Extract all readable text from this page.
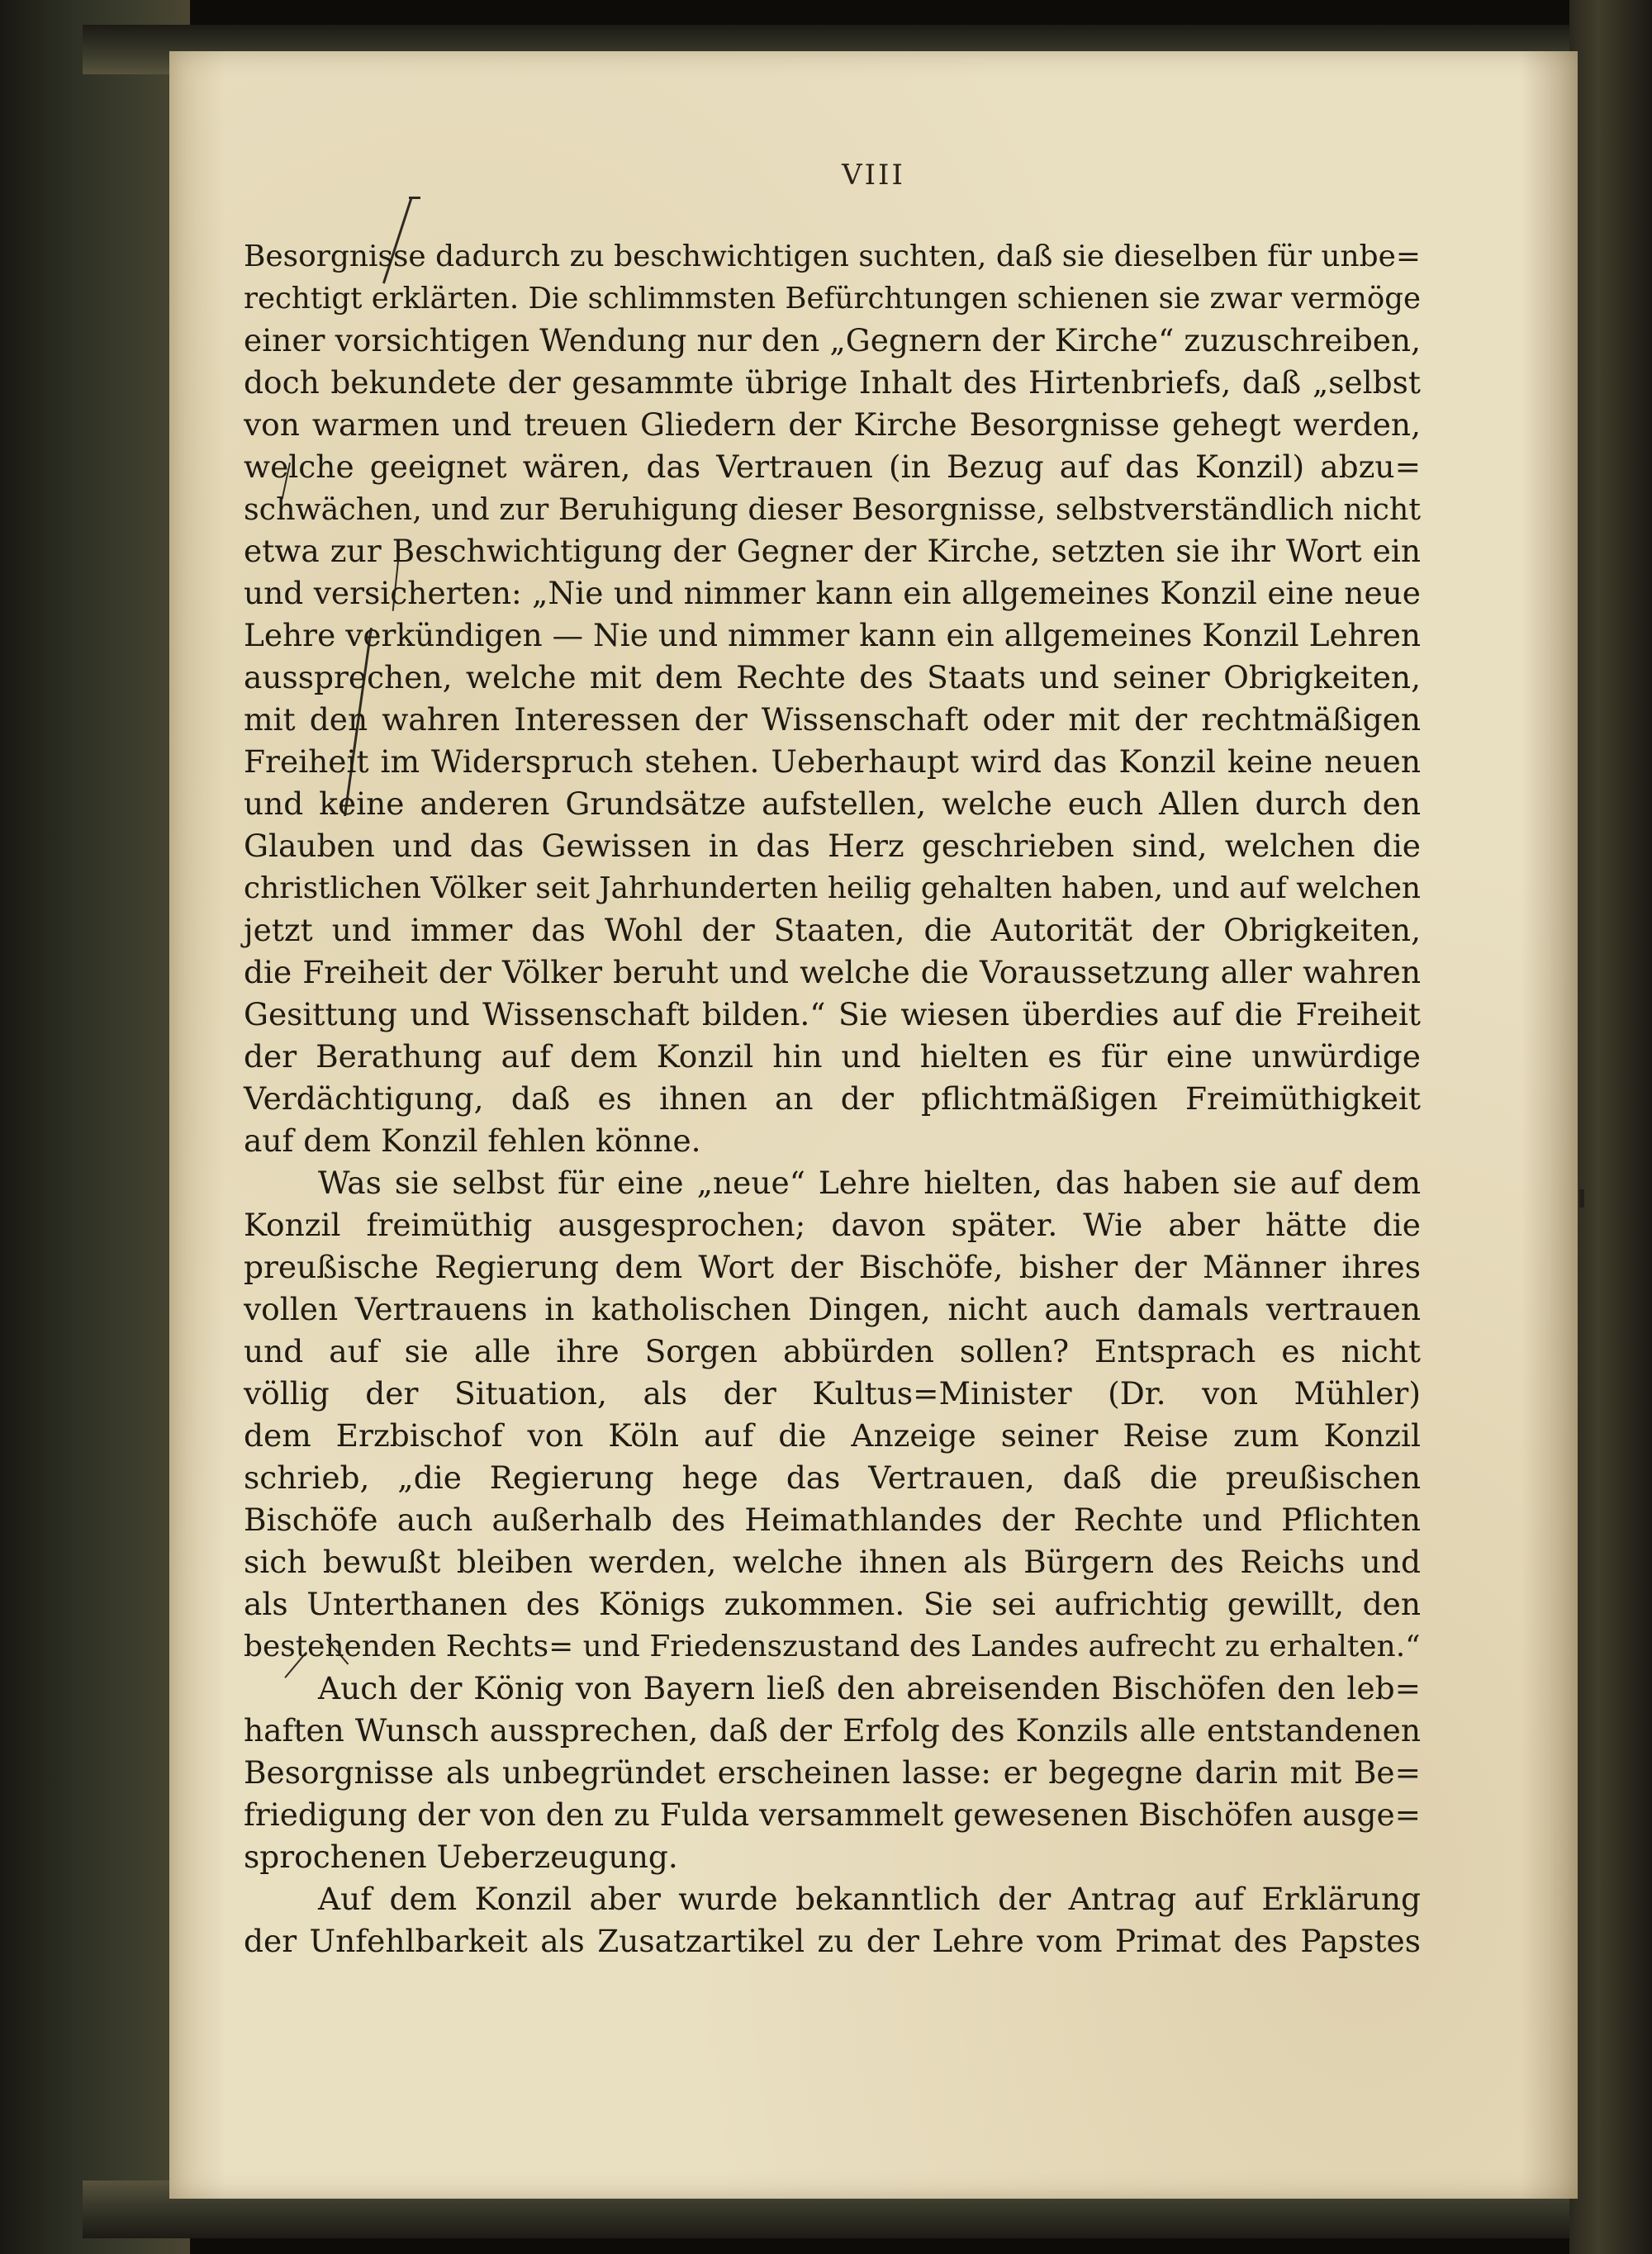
VIII
Besorgnisse dadurch zu beschwichtigen suchten, daß sie dieselben für unbe=
rechtigt erklärten. Die schlimmsten Befürchtungen schienen sie zwar vermöge
einer vorsichtigen Wendung nur den „Gegnern der Kirche“ zuzuschreiben,
doch bekundete der gesammte übrige Inhalt des Hirtenbriefs, daß „selbst
von warmen und treuen Gliedern der Kirche Besorgnisse gehegt werden,
welche geeignet wären, das Vertrauen (in Bezug auf das Konzil) abzu=
schwächen, und zur Beruhigung dieser Besorgnisse, selbstverständlich nicht
etwa zur Beschwichtigung der Gegner der Kirche, setzten sie ihr Wort ein
und versicherten: „Nie und nimmer kann ein allgemeines Konzil eine neue
Lehre verkündigen — Nie und nimmer kann ein allgemeines Konzil Lehren
aussprechen, welche mit dem Rechte des Staats und seiner Obrigkeiten,
mit den wahren Interessen der Wissenschaft oder mit der rechtmäßigen
Freiheit im Widerspruch stehen. Ueberhaupt wird das Konzil keine neuen
und keine anderen Grundsätze aufstellen, welche euch Allen durch den
Glauben und das Gewissen in das Herz geschrieben sind, welchen die
christlichen Völker seit Jahrhunderten heilig gehalten haben, und auf welchen
jetzt und immer das Wohl der Staaten, die Autorität der Obrigkeiten,
die Freiheit der Völker beruht und welche die Voraussetzung aller wahren
Gesittung und Wissenschaft bilden.“ Sie wiesen überdies auf die Freiheit
der Berathung auf dem Konzil hin und hielten es für eine unwürdige
Verdächtigung, daß es ihnen an der pflichtmäßigen Freimüthigkeit
auf dem Konzil fehlen könne.
Was sie selbst für eine „neue“ Lehre hielten, das haben sie auf dem
Konzil freimüthig ausgesprochen; davon später. Wie aber hätte die
preußische Regierung dem Wort der Bischöfe, bisher der Männer ihres
vollen Vertrauens in katholischen Dingen, nicht auch damals vertrauen
und auf sie alle ihre Sorgen abbürden sollen? Entsprach es nicht
völlig der Situation, als der Kultus=Minister (Dr. von Mühler)
dem Erzbischof von Köln auf die Anzeige seiner Reise zum Konzil
schrieb, „die Regierung hege das Vertrauen, daß die preußischen
Bischöfe auch außerhalb des Heimathlandes der Rechte und Pflichten
sich bewußt bleiben werden, welche ihnen als Bürgern des Reichs und
als Unterthanen des Königs zukommen. Sie sei aufrichtig gewillt, den
bestehenden Rechts= und Friedenszustand des Landes aufrecht zu erhalten.“
Auch der König von Bayern ließ den abreisenden Bischöfen den leb=
haften Wunsch aussprechen, daß der Erfolg des Konzils alle entstandenen
Besorgnisse als unbegründet erscheinen lasse: er begegne darin mit Be=
friedigung der von den zu Fulda versammelt gewesenen Bischöfen ausge=
sprochenen Ueberzeugung.
Auf dem Konzil aber wurde bekanntlich der Antrag auf Erklärung
der Unfehlbarkeit als Zusatzartikel zu der Lehre vom Primat des Papstes
